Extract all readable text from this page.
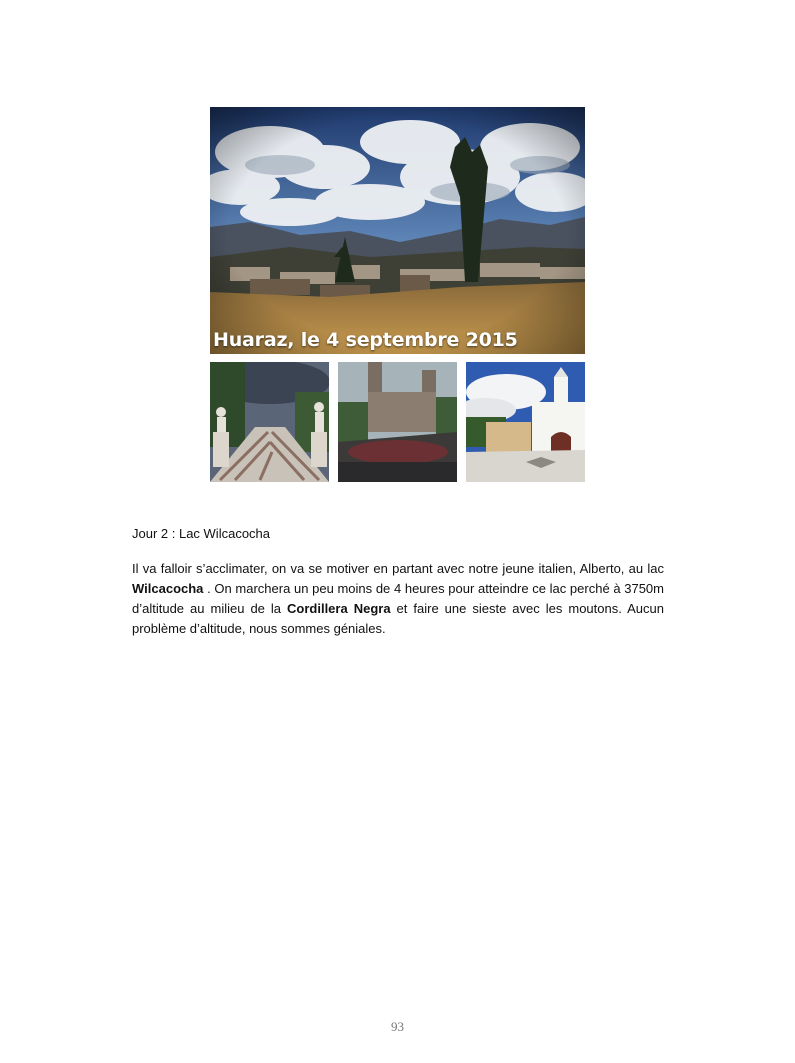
Huaraz, le 4 septembre 2015
Jour 2 : Lac Wilcacocha
Il va falloir s’acclimater, on va se motiver en partant avec notre jeune italien, Alberto, au lac Wilcacocha . On marchera un peu moins de 4 heures pour atteindre ce lac perché à 3750m d’altitude au milieu de la Cordillera Negra et faire une sieste avec les moutons. Aucun problème d’altitude, nous sommes géniales.
93
